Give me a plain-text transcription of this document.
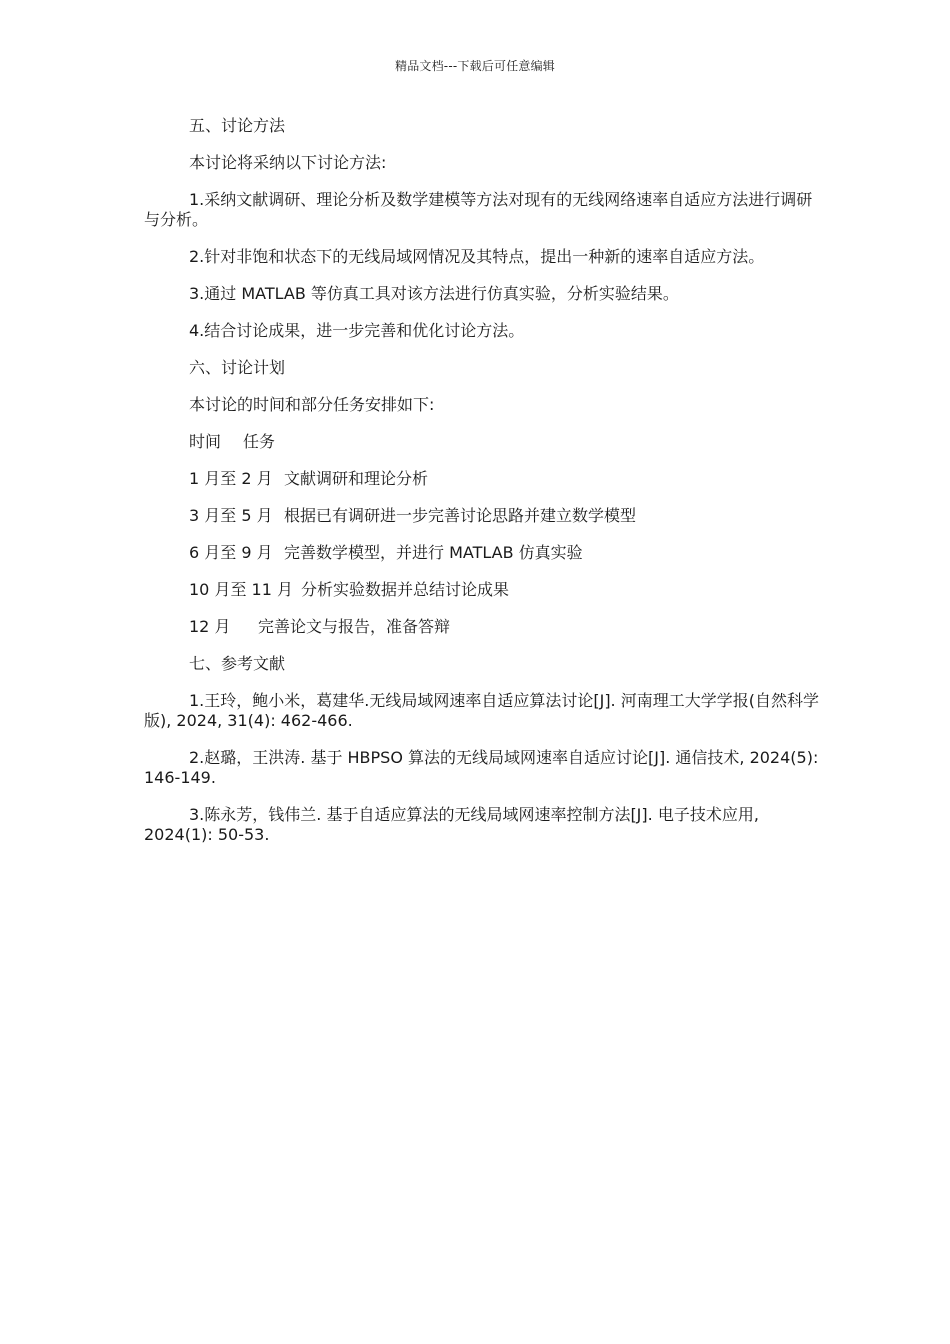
精品文档---下载后可任意编辑

五、讨论方法

本讨论将采纳以下讨论方法:

1.采纳文献调研、理论分析及数学建模等方法对现有的无线网络速率自适应方法进行调研与分析。

2.针对非饱和状态下的无线局域网情况及其特点，提出一种新的速率自适应方法。

3.通过 MATLAB 等仿真工具对该方法进行仿真实验，分析实验结果。

4.结合讨论成果，进一步完善和优化讨论方法。

六、讨论计划

本讨论的时间和部分任务安排如下:

时间	任务
1 月至 2 月 文献调研和理论分析
3 月至 5 月 根据已有调研进一步完善讨论思路并建立数学模型
6 月至 9 月 完善数学模型，并进行 MATLAB 仿真实验
10 月至 11 月 分析实验数据并总结讨论成果
12 月	完善论文与报告，准备答辩

七、参考文献

1.王玲，鲍小米，葛建华.无线局域网速率自适应算法讨论[J]. 河南理工大学学报(自然科学版), 2024, 31(4): 462-466.

2.赵璐，王洪涛. 基于 HBPSO 算法的无线局域网速率自适应讨论[J]. 通信技术, 2024(5): 146-149.

3.陈永芳，钱伟兰. 基于自适应算法的无线局域网速率控制方法[J]. 电子技术应用, 2024(1): 50-53.
